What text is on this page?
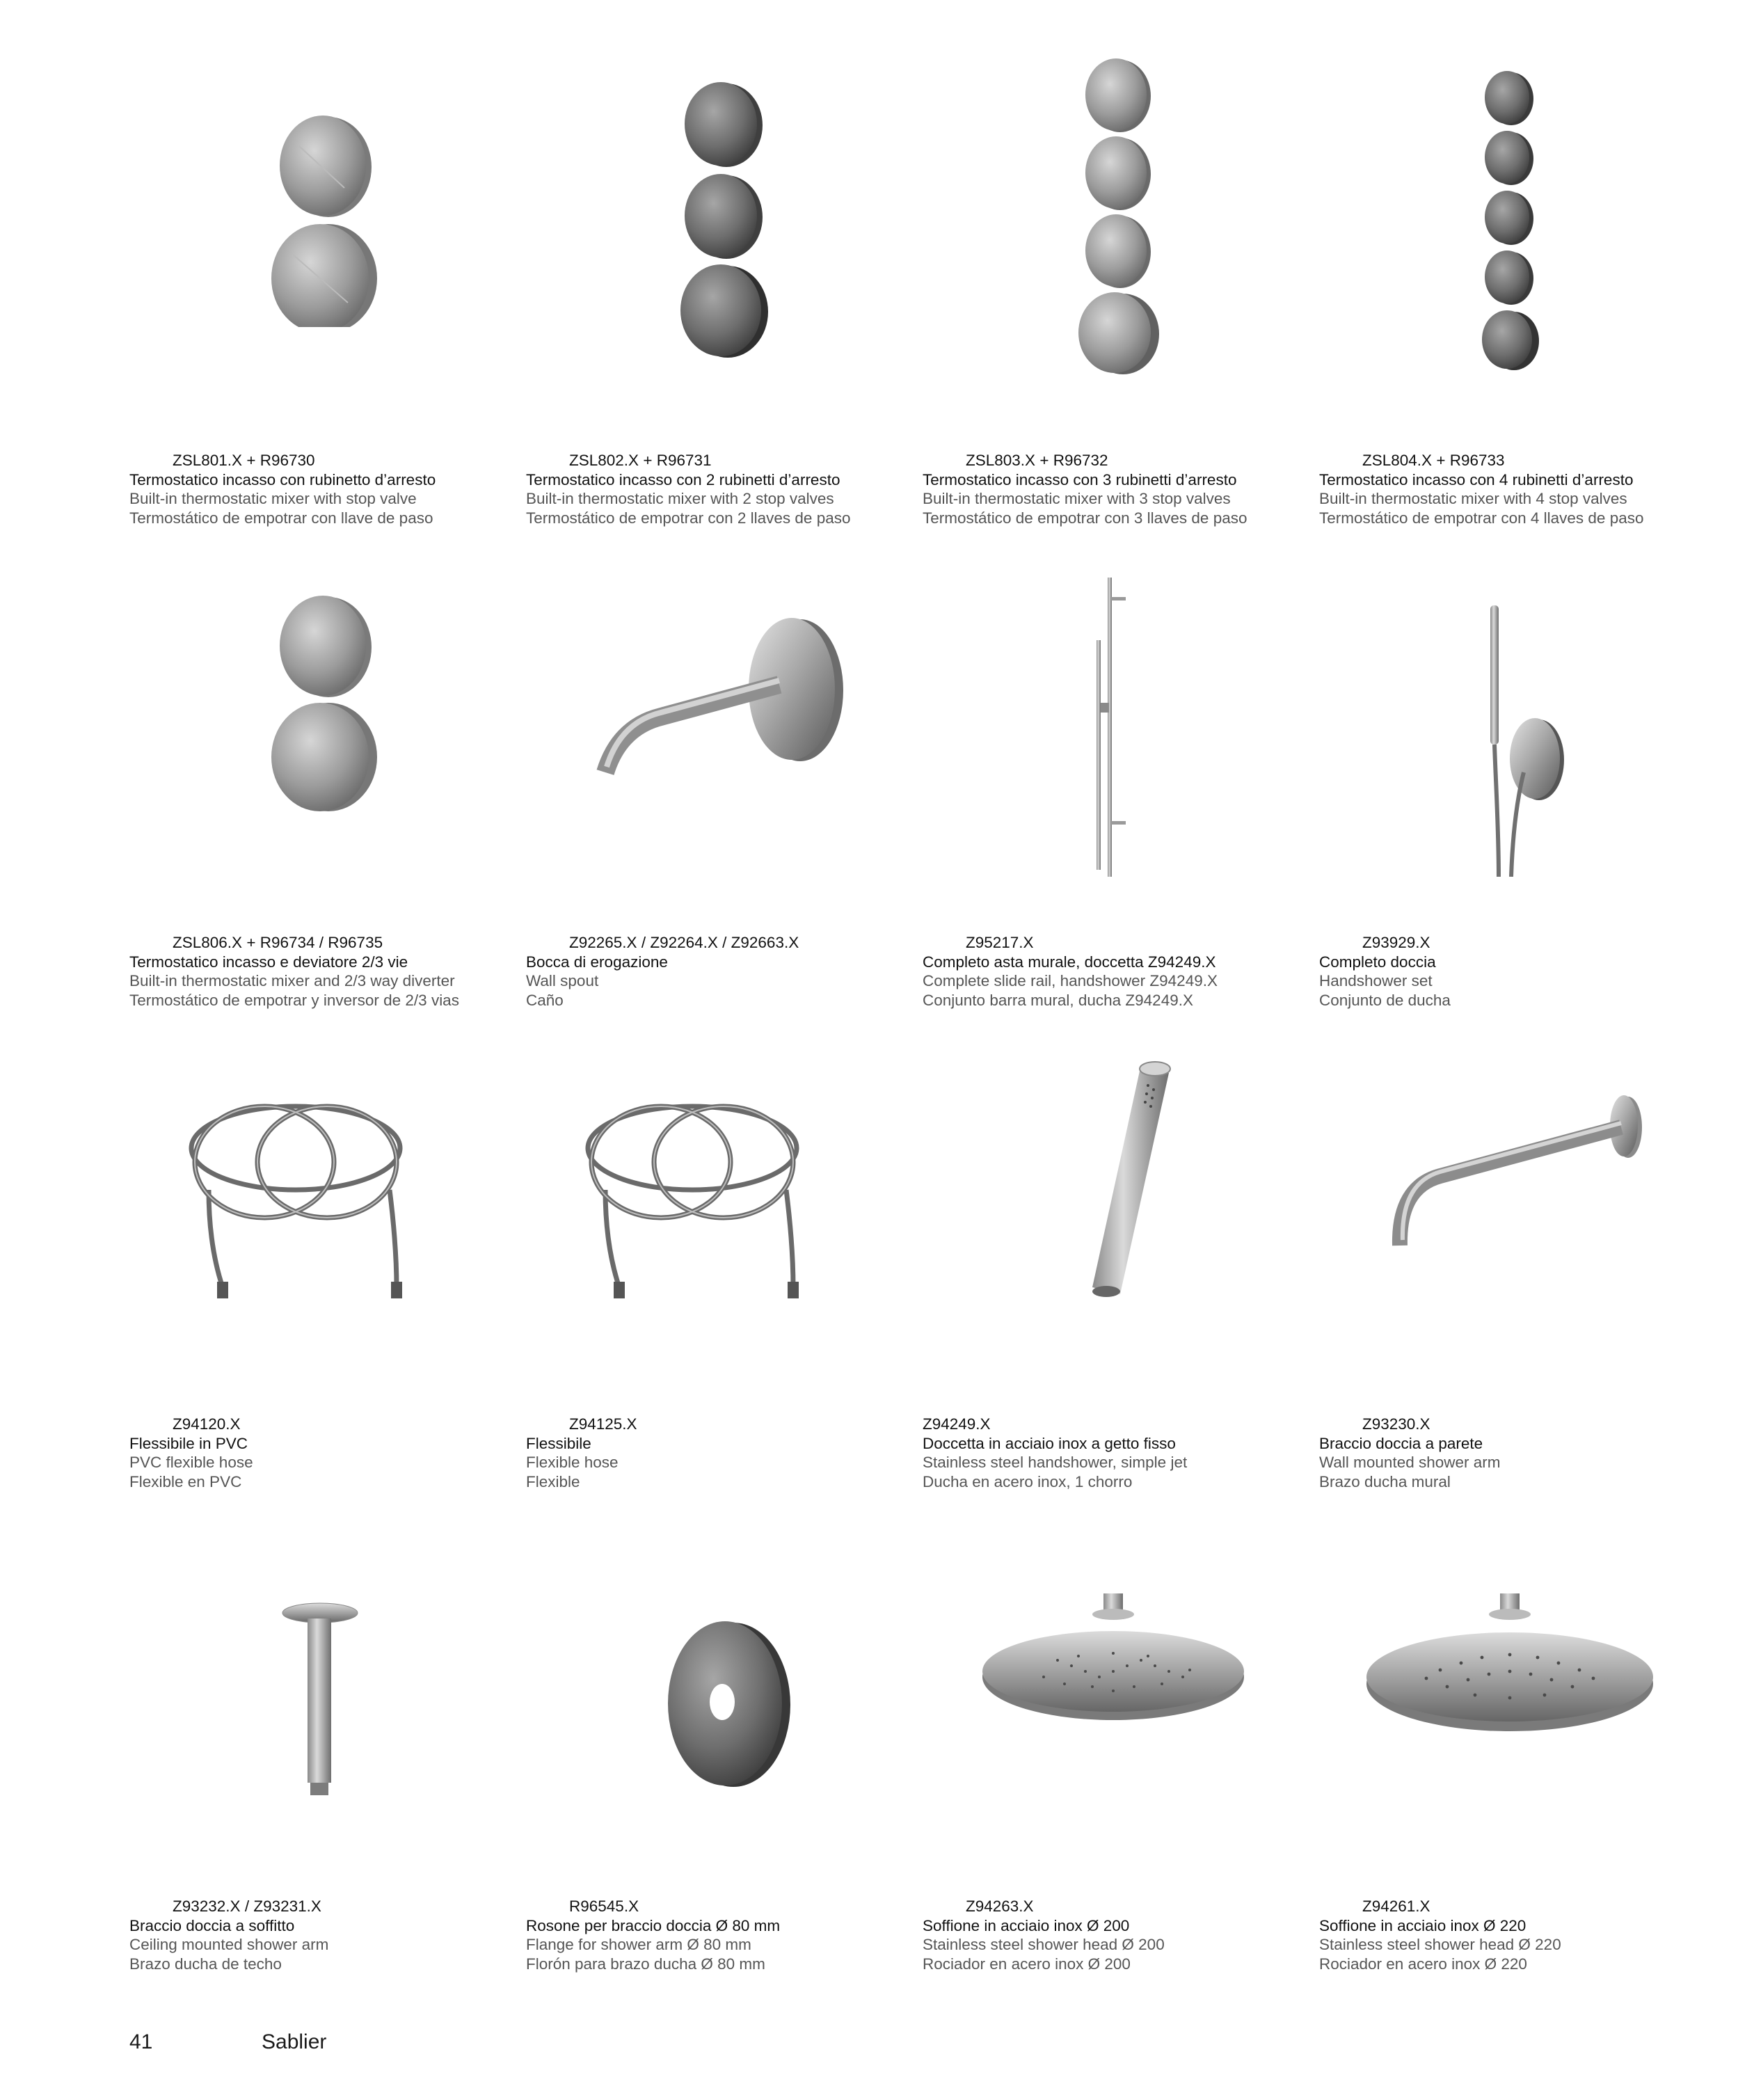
ZSL801.X + R96730
Termostatico incasso con rubinetto d’arresto
Built-in thermostatic mixer with stop valve
Termostático de empotrar con llave de paso
ZSL802.X + R96731
Termostatico incasso con 2 rubinetti d’arresto
Built-in thermostatic mixer with 2 stop valves
Termostático de empotrar con 2 llaves de paso
ZSL803.X + R96732
Termostatico incasso con 3 rubinetti d’arresto
Built-in thermostatic mixer with 3 stop valves
Termostático de empotrar con 3 llaves de paso
ZSL804.X + R96733
Termostatico incasso con 4 rubinetti d’arresto
Built-in thermostatic mixer with 4 stop valves
Termostático de empotrar con 4 llaves de paso
ZSL806.X + R96734 / R96735
Termostatico incasso e deviatore 2/3 vie
Built-in thermostatic mixer and 2/3 way diverter
Termostático de empotrar y inversor de 2/3 vias
Z92265.X / Z92264.X / Z92663.X
Bocca di erogazione
Wall spout
Caño
Z95217.X
Completo asta murale, doccetta Z94249.X
Complete slide rail, handshower Z94249.X
Conjunto barra mural, ducha Z94249.X
Z93929.X
Completo doccia
Handshower set
Conjunto de ducha
Z94120.X
Flessibile in PVC
PVC flexible hose
Flexible en PVC
Z94125.X
Flessibile
Flexible hose
Flexible
Z94249.X
Doccetta in acciaio inox a getto fisso
Stainless steel handshower, simple jet
Ducha en acero inox, 1 chorro
Z93230.X
Braccio doccia a parete
Wall mounted shower arm
Brazo ducha mural
Z93232.X / Z93231.X
Braccio doccia a soffitto
Ceiling mounted shower arm
Brazo ducha de techo
R96545.X
Rosone per braccio doccia Ø 80 mm
Flange for shower arm Ø 80 mm
Florón para brazo ducha Ø 80 mm
Z94263.X
Soffione in acciaio inox Ø 200
Stainless steel shower head Ø 200
Rociador en acero inox Ø 200
Z94261.X
Soffione in acciaio inox Ø 220
Stainless steel shower head Ø 220
Rociador en acero inox Ø 220
41	Sablier
